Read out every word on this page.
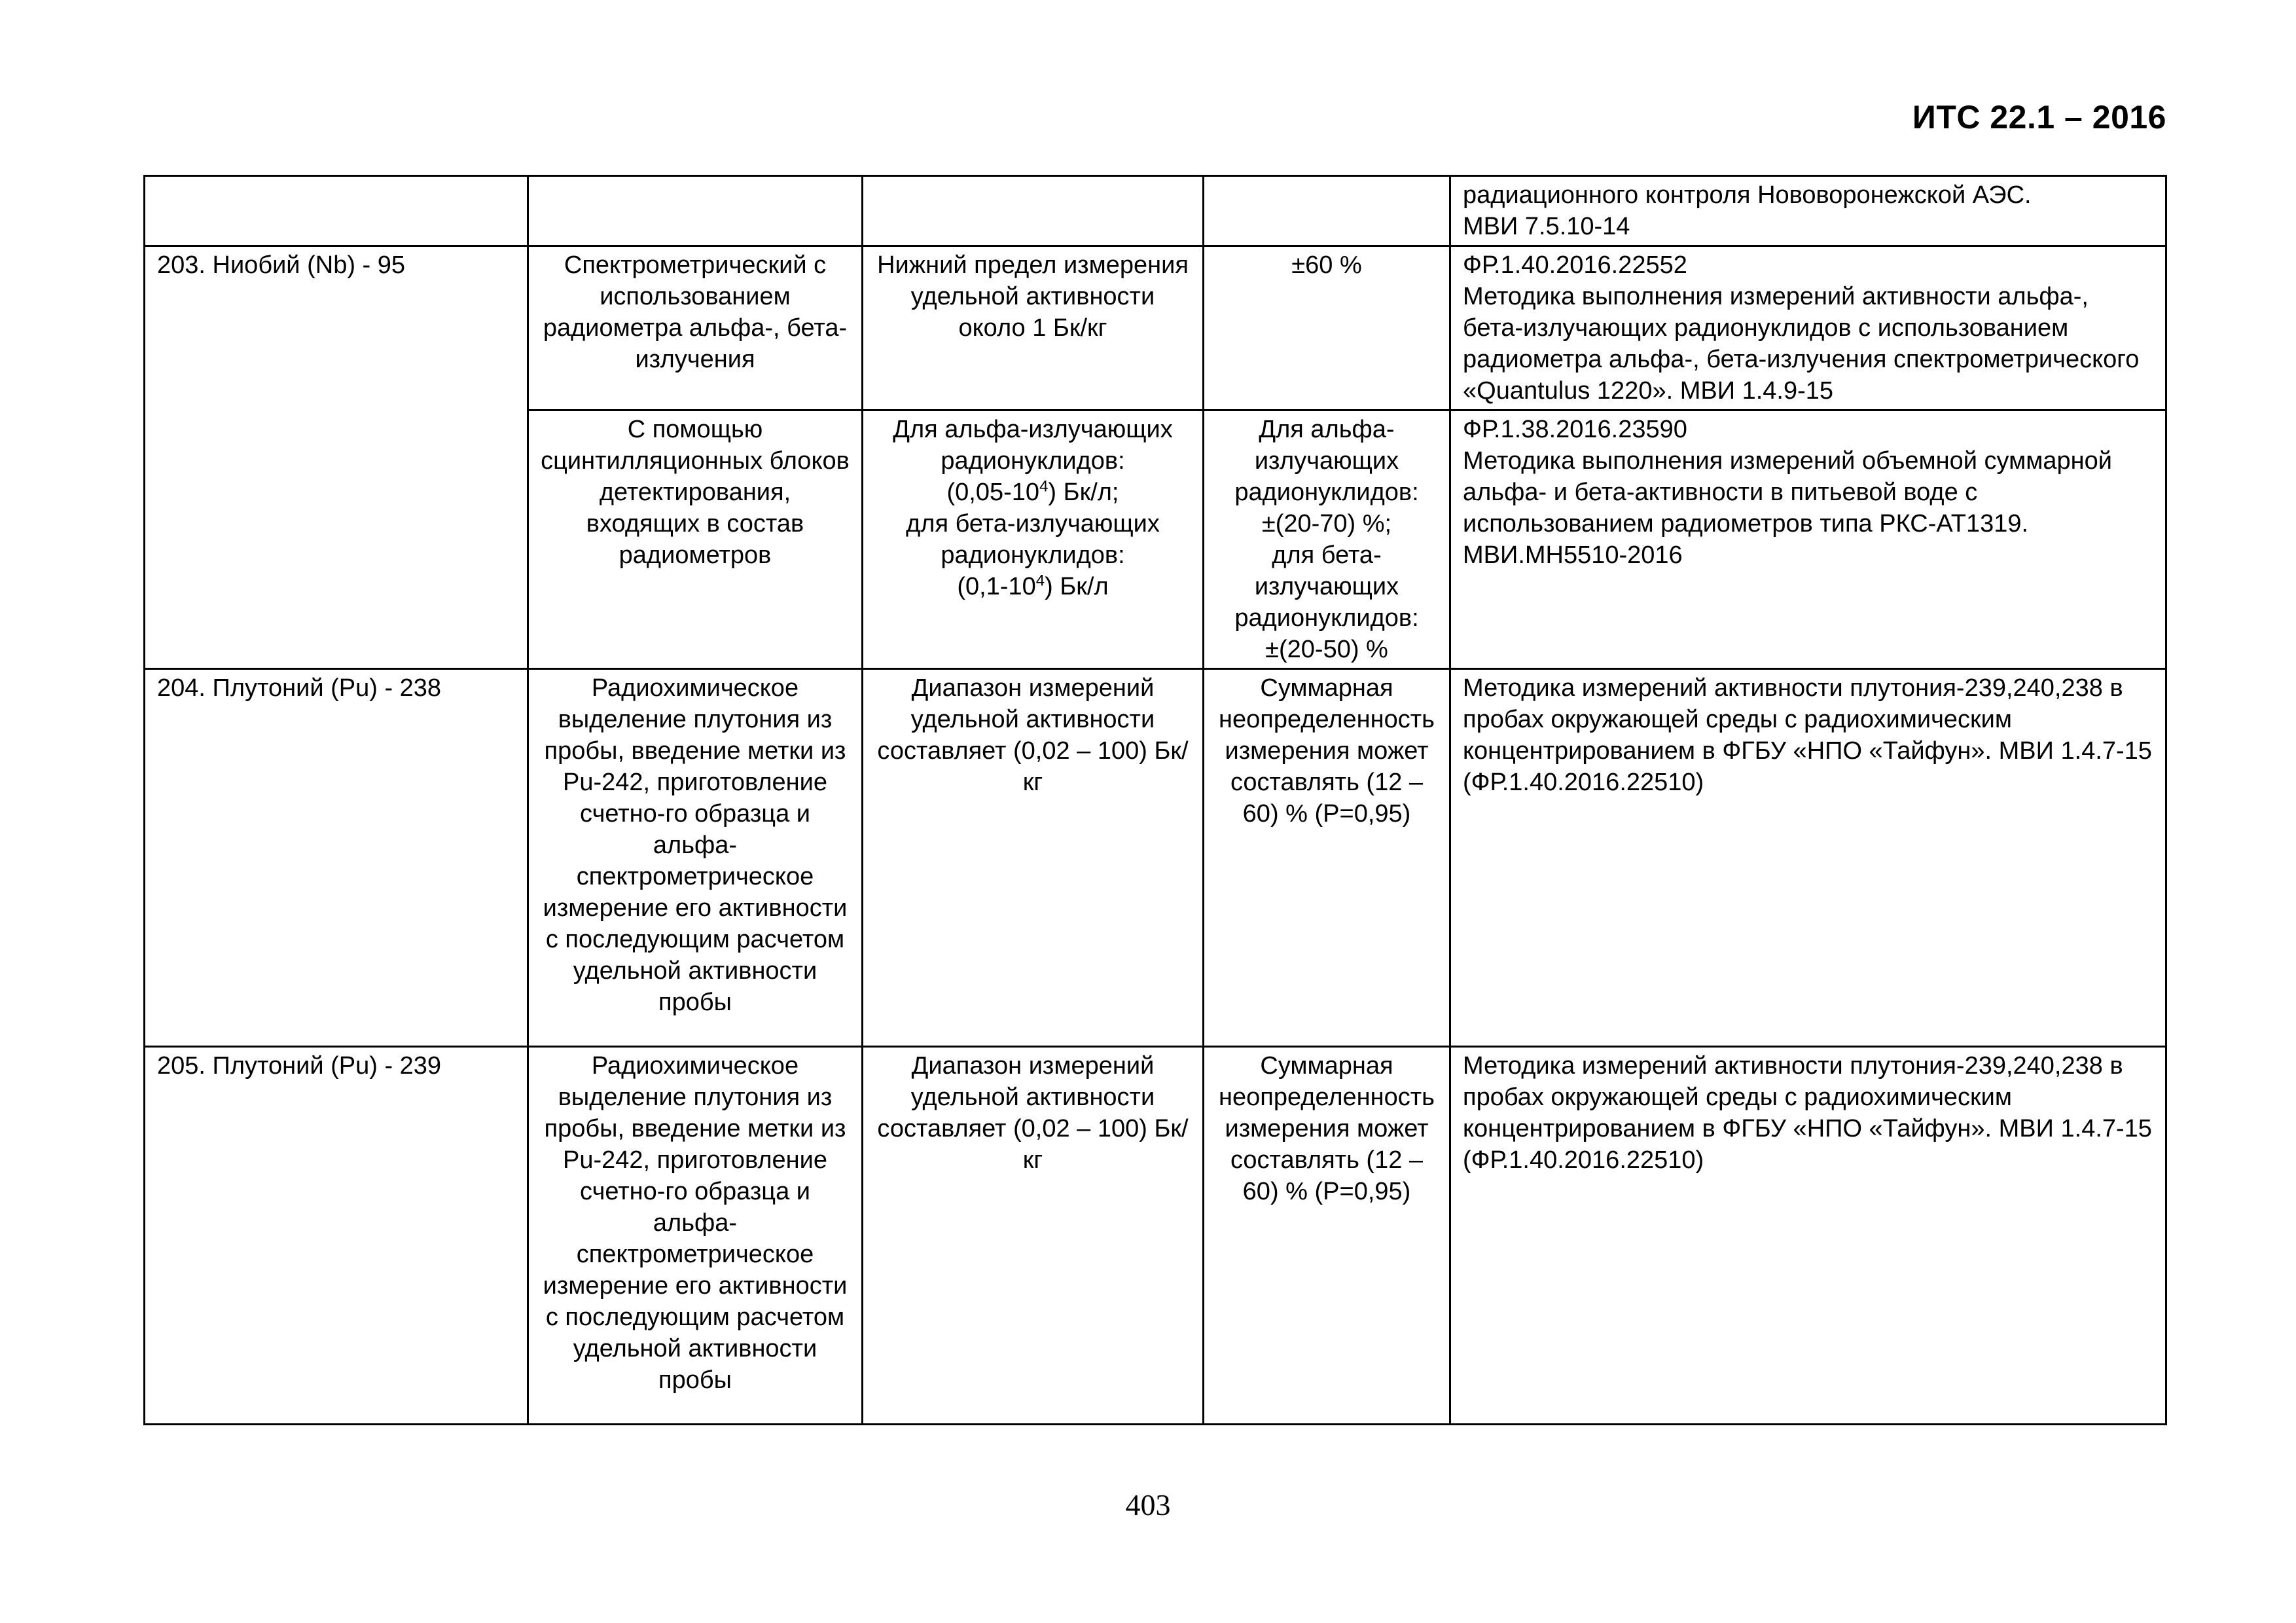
ИТС 22.1 – 2016

				радиационного контроля Нововоронежской АЭС.
МВИ 7.5.10-14

203. Ниобий (Nb) - 95	Спектрометрический с использованием радиометра альфа-, бета-излучения	Нижний предел измерения удельной активности около 1 Бк/кг	±60 %	ФР.1.40.2016.22552
Методика выполнения измерений активности альфа-, бета-излучающих радионуклидов с использованием радиометра альфа-, бета-излучения спектрометрического «Quantulus 1220». МВИ 1.4.9-15

	С помощью сцинтилляционных блоков детектирования, входящих в состав радиометров	Для альфа-излучающих радионуклидов:
$(0,05-10^4)$ Бк/л;
для бета-излучающих радионуклидов:
$(0,1-10^4)$ Бк/л	Для альфа-излучающих радионуклидов:
±(20-70) %;
для бета-излучающих радионуклидов:
±(20-50) %	ФР.1.38.2016.23590
Методика выполнения измерений объемной суммарной альфа- и бета-активности в питьевой воде с использованием радиометров типа РКС-АТ1319. МВИ.МН5510-2016

204. Плутоний (Pu) - 238	Радиохимическое выделение плутония из пробы, введение метки из Pu-242, приготовление счетно-го образца и альфа-спектрометрическое измерение его активности с последующим расчетом удельной активности пробы	Диапазон измерений удельной активности составляет (0,02 – 100) Бк/кг	Суммарная неопределенность измерения может составлять (12 – 60) % (Р=0,95)	Методика измерений активности плутония-239,240,238 в пробах окружающей среды с радиохимическим концентрированием в ФГБУ «НПО «Тайфун». МВИ 1.4.7-15 (ФР.1.40.2016.22510)
205. Плутоний (Pu) - 239	Радиохимическое выделение плутония из пробы, введение метки из Pu-242, приготовление счетно-го образца и альфа-спектрометрическое измерение его активности с последующим расчетом удельной активности пробы	Диапазон измерений удельной активности составляет (0,02 – 100) Бк/кг	Суммарная неопределенность измерения может составлять (12 – 60) % (Р=0,95)	Методика измерений активности плутония-239,240,238 в пробах окружающей среды с радиохимическим концентрированием в ФГБУ «НПО «Тайфун». МВИ 1.4.7-15 (ФР.1.40.2016.22510)
403
